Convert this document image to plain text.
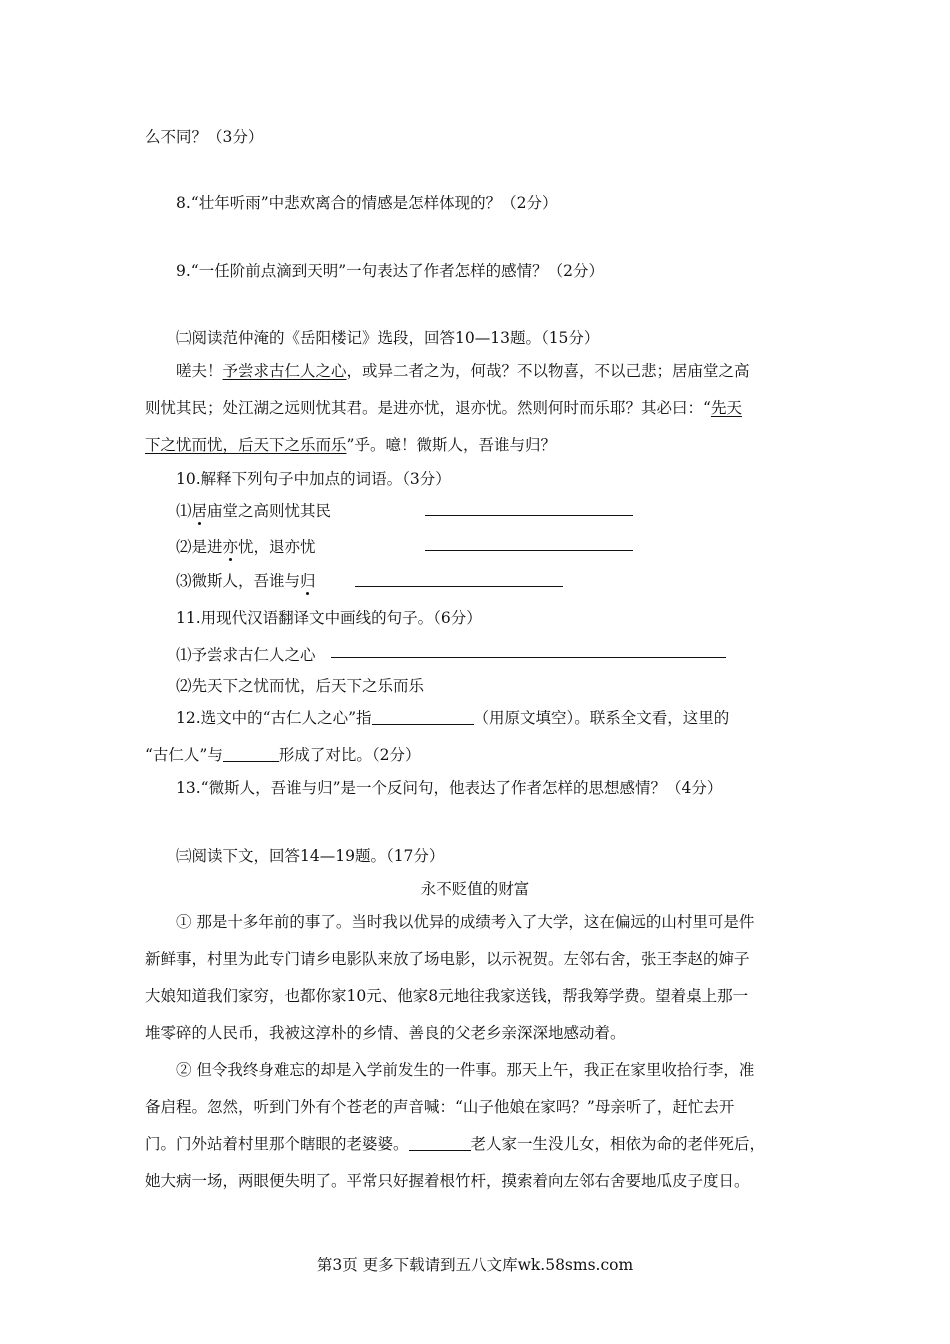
么不同？（3分）
8.“壮年听雨”中悲欢离合的情感是怎样体现的？（2分）
9.“一任阶前点滴到天明”一句表达了作者怎样的感情？（2分）
㈡阅读范仲淹的《岳阳楼记》选段，回答10—13题。（15分）
嗟夫！予尝求古仁人之心，或异二者之为，何哉？不以物喜，不以己悲；居庙堂之高
则忧其民；处江湖之远则忧其君。是进亦忧，退亦忧。然则何时而乐耶？其必曰：“先天
下之忧而忧，后天下之乐而乐”乎。噫！微斯人，吾谁与归？
10.解释下列句子中加点的词语。（3分）
⑴居庙堂之高则忧其民
⑵是进亦忧，退亦忧
⑶微斯人，吾谁与归
11.用现代汉语翻译文中画线的句子。（6分）
⑴予尝求古仁人之心
⑵先天下之忧而忧，后天下之乐而乐
12.选文中的“古仁人之心”指	（用原文填空）。联系全文看，这里的
“古仁人”与	形成了对比。（2分）
13.“微斯人，吾谁与归”是一个反问句，他表达了作者怎样的思想感情？（4分）
㈢阅读下文，回答14—19题。（17分）
永不贬值的财富
① 那是十多年前的事了。当时我以优异的成绩考入了大学，这在偏远的山村里可是件
新鲜事，村里为此专门请乡电影队来放了场电影，以示祝贺。左邻右舍，张王李赵的婶子
大娘知道我们家穷，也都你家10元、他家8元地往我家送钱，帮我筹学费。望着桌上那一
堆零碎的人民币，我被这淳朴的乡情、善良的父老乡亲深深地感动着。
② 但令我终身难忘的却是入学前发生的一件事。那天上午，我正在家里收拾行李，准
备启程。忽然，听到门外有个苍老的声音喊：“山子他娘在家吗？”母亲听了，赶忙去开
门。门外站着村里那个瞎眼的老婆婆。	老人家一生没儿女，相依为命的老伴死后，
她大病一场，两眼便失明了。平常只好握着根竹杆，摸索着向左邻右舍要地瓜皮子度日。
第3页 更多下载请到五八文库wk.58sms.com
